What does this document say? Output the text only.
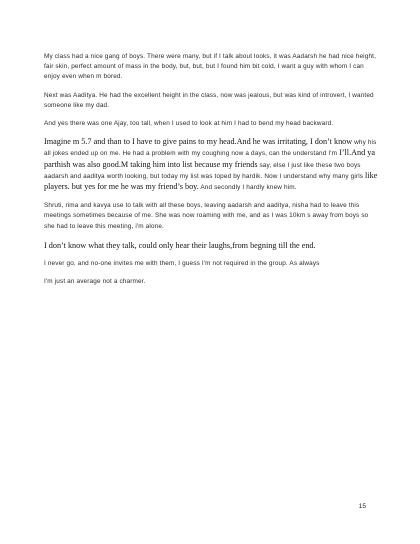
My class had a nice gang of boys. There were many, but if I talk about looks, it was Aadarsh he had nice height, fair skin, perfect amount of mass in the body, but, but, but I found him bit cold, I want a guy with whom I can enjoy even when m bored.

Next was Aaditya. He had the excellent height in the class, now was jealous, but was kind of introvert, I wanted someone like my dad.

And yes there was one Ajay, too tall, when I used to look at him I had to bend my head backward.

Imagine m 5.7 and than to I have to give pains to my head.And he was irritating, I don’t know why his all jokes ended up on me. He had a problem with my coughing now a days, can the understand I'm I’ll.And ya parthish was also good.M taking him into list because my friends say, else I just like these two boys aadarsh and aaditya worth looking, but today my list was toped by hardik. Now I understand why many girls like players. but yes for me he was my friend’s boy. And secondly I hardly knew him.

Shruti, rima and kavya use to talk with all these boys, leaving aadarsh and aaditya, nisha had to leave this meetings sometimes because of me. She was now roaming with me, and as I was 10km s away from boys so she had to leave this meeting, i'm alone.

I don’t know what they talk, could only hear their laughs,from begning till the end.

I never go, and no-one invites me with them, I guess I'm not required in the group. As always

I'm just an average not a charmer.

15
